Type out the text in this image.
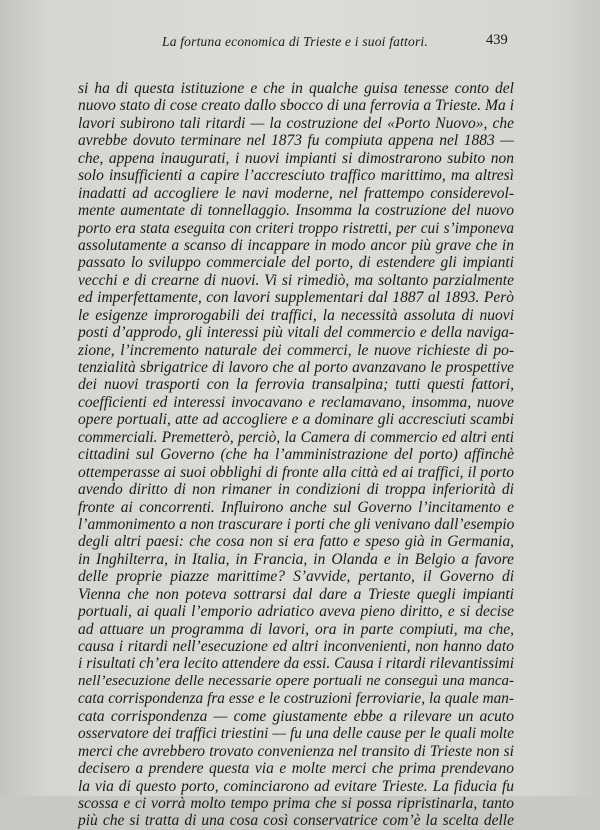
La fortuna economica di Trieste e i suoi fattori.	439
si ha di questa istituzione e che in qualche guisa tenesse conto del
nuovo stato di cose creato dallo sbocco di una ferrovia a Trieste. Ma i
lavori subirono tali ritardi — la costruzione del «Porto Nuovo», che
avrebbe dovuto terminare nel 1873 fu compiuta appena nel 1883 —
che, appena inaugurati, i nuovi impianti si dimostrarono subito non
solo insufficienti a capire l’accresciuto traffico marittimo, ma altresì
inadatti ad accogliere le navi moderne, nel frattempo considerevol-
mente aumentate di tonnellaggio. Insomma la costruzione del nuovo
porto era stata eseguita con criteri troppo ristretti, per cui s’imponeva
assolutamente a scanso di incappare in modo ancor più grave che in
passato lo sviluppo commerciale del porto, di estendere gli impianti
vecchi e di crearne di nuovi. Vi si rimediò, ma soltanto parzialmente
ed imperfettamente, con lavori supplementari dal 1887 al 1893. Però
le esigenze improrogabili dei traffici, la necessità assoluta di nuovi
posti d’approdo, gli interessi più vitali del commercio e della naviga-
zione, l’incremento naturale dei commerci, le nuove richieste di po-
tenzialità sbrigatrice di lavoro che al porto avanzavano le prospettive
dei nuovi trasporti con la ferrovia transalpina; tutti questi fattori,
coefficienti ed interessi invocavano e reclamavano, insomma, nuove
opere portuali, atte ad accogliere e a dominare gli accresciuti scambi
commerciali. Premetterò, perciò, la Camera di commercio ed altri enti
cittadini sul Governo (che ha l’amministrazione del porto) affinchè
ottemperasse ai suoi obblighi di fronte alla città ed ai traffici, il porto
avendo diritto di non rimaner in condizioni di troppa inferiorità di
fronte ai concorrenti. Influirono anche sul Governo l’incitamento e
l’ammonimento a non trascurare i porti che gli venivano dall’esempio
degli altri paesi: che cosa non si era fatto e speso già in Germania,
in Inghilterra, in Italia, in Francia, in Olanda e in Belgio a favore
delle proprie piazze marittime? S’avvide, pertanto, il Governo di
Vienna che non poteva sottrarsi dal dare a Trieste quegli impianti
portuali, ai quali l’emporio adriatico aveva pieno diritto, e si decise
ad attuare un programma di lavori, ora in parte compiuti, ma che,
causa i ritardi nell’esecuzione ed altri inconvenienti, non hanno dato
i risultati ch’era lecito attendere da essi. Causa i ritardi rilevantissimi
nell’esecuzione delle necessarie opere portuali ne conseguì una manca-
cata corrispondenza fra esse e le costruzioni ferroviarie, la quale man-
cata corrispondenza — come giustamente ebbe a rilevare un acuto
osservatore dei traffici triestini — fu una delle cause per le quali molte
merci che avrebbero trovato convenienza nel transito di Trieste non si
decisero a prendere questa via e molte merci che prima prendevano
la via di questo porto, cominciarono ad evitare Trieste. La fiducia fu
scossa e ci vorrà molto tempo prima che si possa ripristinarla, tanto
più che si tratta di una cosa così conservatrice com’è la scelta delle
